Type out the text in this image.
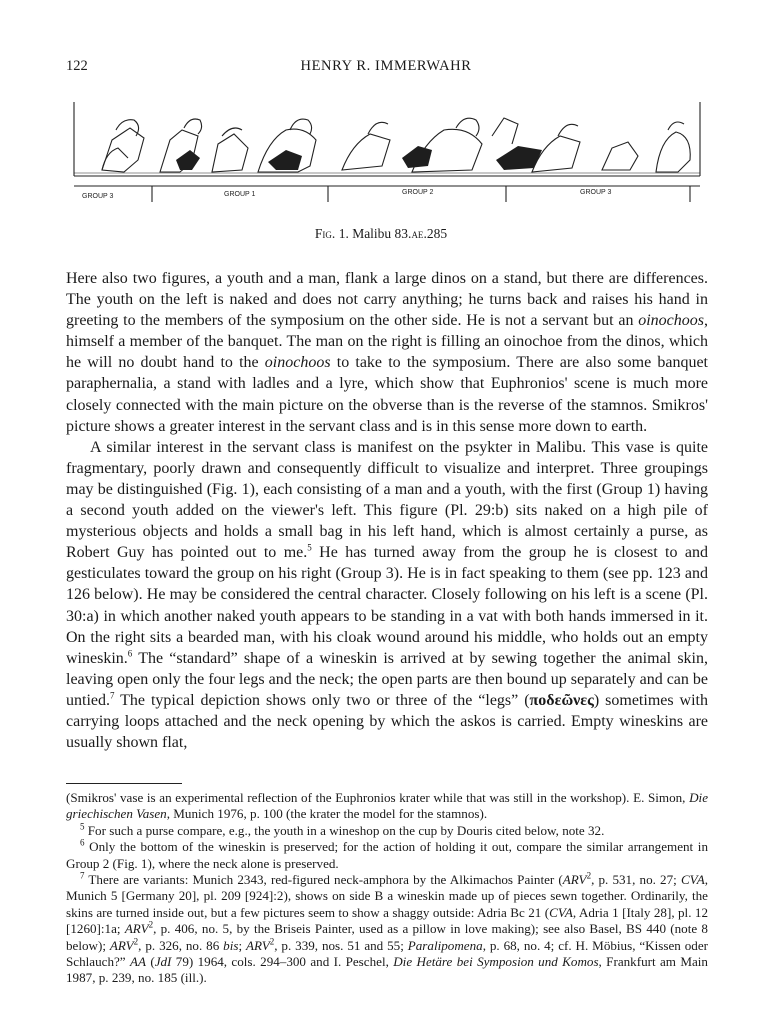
122	HENRY R. IMMERWAHR
GROUP 3	GROUP 1	GROUP 2	GROUP 3
Fig. 1. Malibu 83.ae.285

Here also two figures, a youth and a man, flank a large dinos on a stand, but there are differences. The youth on the left is naked and does not carry anything; he turns back and raises his hand in greeting to the members of the symposium on the other side. He is not a servant but an oinochoos, himself a member of the banquet. The man on the right is filling an oinochoe from the dinos, which he will no doubt hand to the oinochoos to take to the symposium. There are also some banquet paraphernalia, a stand with ladles and a lyre, which show that Euphronios' scene is much more closely connected with the main picture on the obverse than is the reverse of the stamnos. Smikros' picture shows a greater interest in the servant class and is in this sense more down to earth.

A similar interest in the servant class is manifest on the psykter in Malibu. This vase is quite fragmentary, poorly drawn and consequently difficult to visualize and interpret. Three groupings may be distinguished (Fig. 1), each consisting of a man and a youth, with the first (Group 1) having a second youth added on the viewer's left. This figure (Pl. 29:b) sits naked on a high pile of mysterious objects and holds a small bag in his left hand, which is almost certainly a purse, as Robert Guy has pointed out to me.$^5$ He has turned away from the group he is closest to and gesticulates toward the group on his right (Group 3). He is in fact speaking to them (see pp. 123 and 126 below). He may be considered the central character. Closely following on his left is a scene (Pl. 30:a) in which another naked youth appears to be standing in a vat with both hands immersed in it. On the right sits a bearded man, with his cloak wound around his middle, who holds out an empty wineskin.$^6$ The “standard” shape of a wineskin is arrived at by sewing together the animal skin, leaving open only the four legs and the neck; the open parts are then bound up separately and can be untied.$^7$ The typical depiction shows only two or three of the “legs” (ποδεῶνες) sometimes with carrying loops attached and the neck opening by which the askos is carried. Empty wineskins are usually shown flat,

(Smikros' vase is an experimental reflection of the Euphronios krater while that was still in the workshop). E. Simon, Die griechischen Vasen, Munich 1976, p. 100 (the krater the model for the stamnos).

$^5$ For such a purse compare, e.g., the youth in a wineshop on the cup by Douris cited below, note 32.

$^6$ Only the bottom of the wineskin is preserved; for the action of holding it out, compare the similar arrangement in Group 2 (Fig. 1), where the neck alone is preserved.

$^7$ There are variants: Munich 2343, red-figured neck-amphora by the Alkimachos Painter (ARV$^2$, p. 531, no. 27; CVA, Munich 5 [Germany 20], pl. 209 [924]:2), shows on side B a wineskin made up of pieces sewn together. Ordinarily, the skins are turned inside out, but a few pictures seem to show a shaggy outside: Adria Bc 21 (CVA, Adria 1 [Italy 28], pl. 12 [1260]:1a; ARV$^2$, p. 406, no. 5, by the Briseis Painter, used as a pillow in love making); see also Basel, BS 440 (note 8 below); ARV$^2$, p. 326, no. 86 bis; ARV$^2$, p. 339, nos. 51 and 55; Paralipomena, p. 68, no. 4; cf. H. Möbius, “Kissen oder Schlauch?” AA (JdI 79) 1964, cols. 294–300 and I. Peschel, Die Hetäre bei Symposion und Komos, Frankfurt am Main 1987, p. 239, no. 185 (ill.).
